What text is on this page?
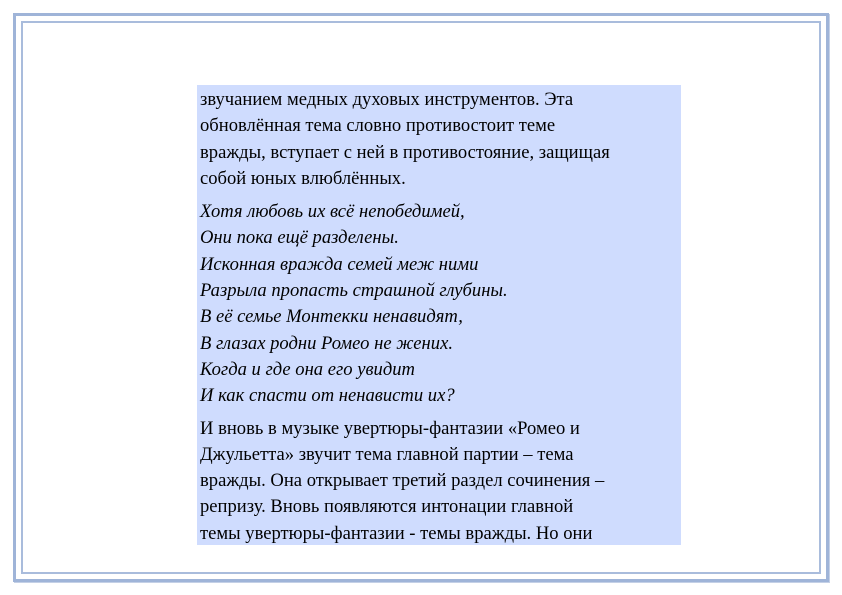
звучанием медных духовых инструментов. Эта
обновлённая тема словно противостоит теме
вражды, вступает с ней в противостояние, защищая
собой юных влюблённых.

Хотя любовь их всё непобедимей,
Они пока ещё разделены.
Исконная вражда семей меж ними
Разрыла пропасть страшной глубины.
В её семье Монтекки ненавидят,
В глазах родни Ромео не жених.
Когда и где она его увидит
И как спасти от ненависти их?

И вновь в музыке увертюры-фантазии «Ромео и
Джульетта» звучит тема главной партии – тема
вражды. Она открывает третий раздел сочинения –
репризу. Вновь появляются интонации главной
темы увертюры-фантазии - темы вражды. Но они
